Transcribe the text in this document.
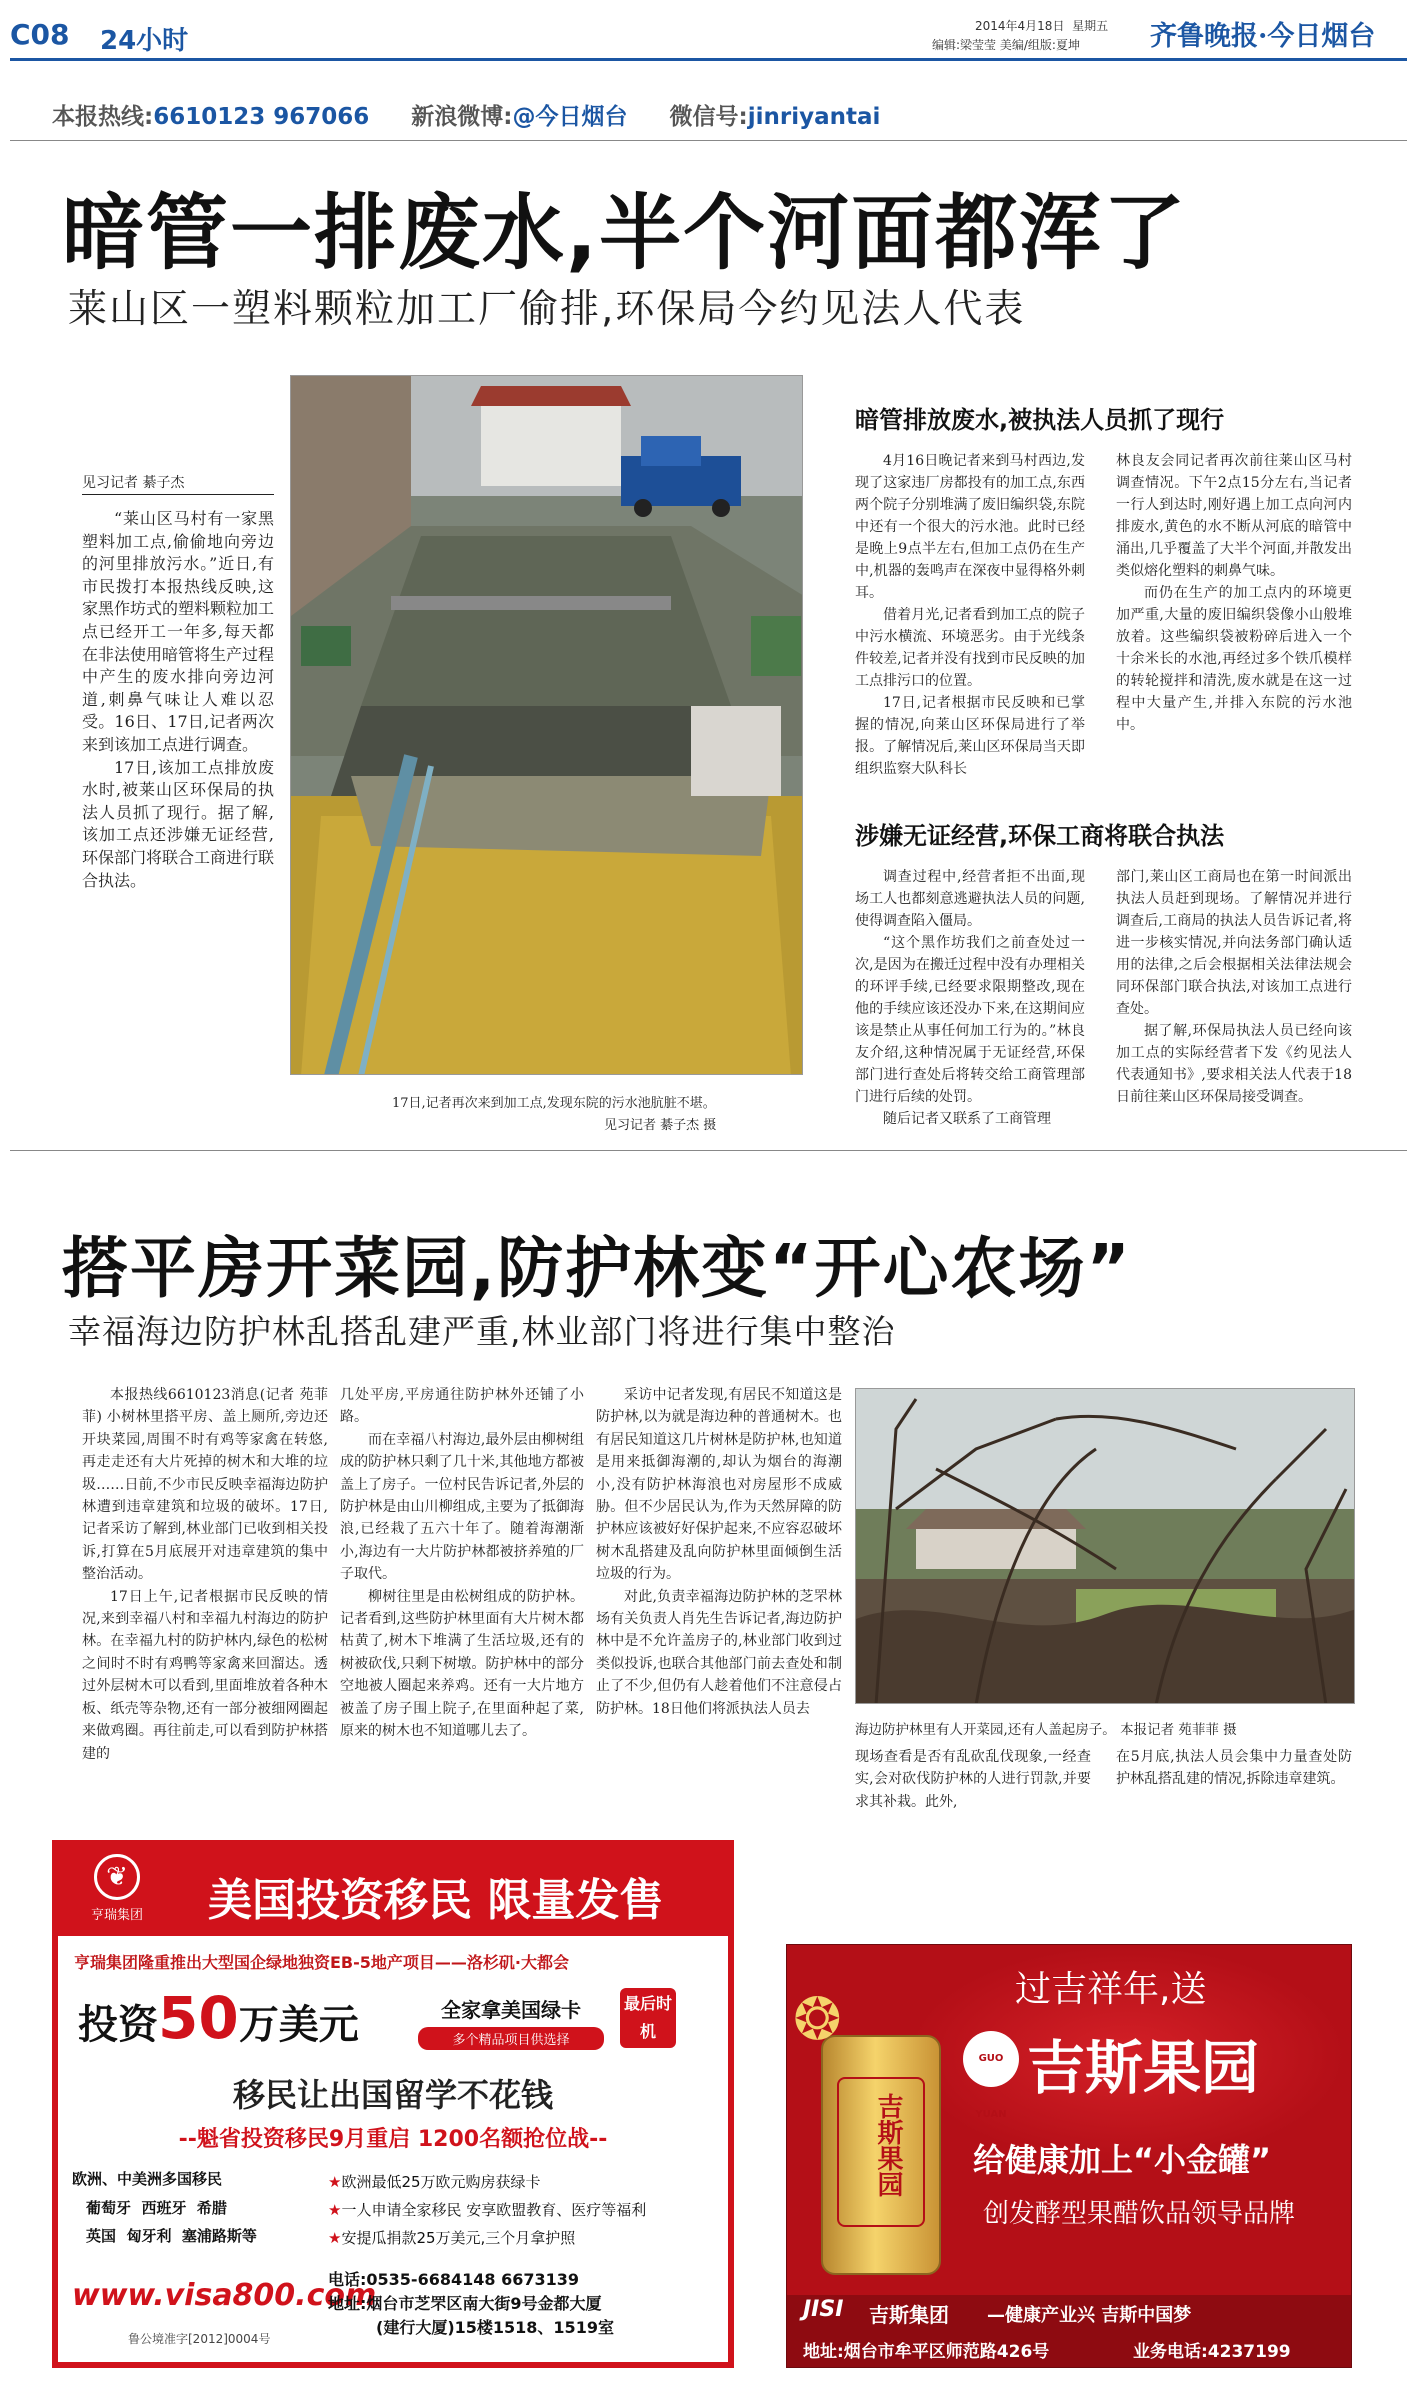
C08 24小时	2014年4月18日 星期五
编辑:梁莹莹 美编/组版:夏坤	齐鲁晚报·今日烟台
本报热线:6610123 967066 新浪微博:@今日烟台 微信号:jinriyantai
暗管一排废水,半个河面都浑了
莱山区一塑料颗粒加工厂偷排,环保局今约见法人代表
见习记者 綦子杰

“莱山区马村有一家黑塑料加工点,偷偷地向旁边的河里排放污水。”近日,有市民拨打本报热线反映,这家黑作坊式的塑料颗粒加工点已经开工一年多,每天都在非法使用暗管将生产过程中产生的废水排向旁边河道,刺鼻气味让人难以忍受。16日、17日,记者两次来到该加工点进行调查。

17日,该加工点排放废水时,被莱山区环保局的执法人员抓了现行。据了解,该加工点还涉嫌无证经营,环保部门将联合工商进行联合执法。

17日,记者再次来到加工点,发现东院的污水池肮脏不堪。
见习记者 綦子杰 摄
暗管排放废水,被执法人员抓了现行

4月16日晚记者来到马村西边,发现了这家违厂房都投有的加工点,东西两个院子分别堆满了废旧编织袋,东院中还有一个很大的污水池。此时已经是晚上9点半左右,但加工点仍在生产中,机器的轰鸣声在深夜中显得格外刺耳。

借着月光,记者看到加工点的院子中污水横流、环境恶劣。由于光线条件较差,记者并没有找到市民反映的加工点排污口的位置。

17日,记者根据市民反映和已掌握的情况,向莱山区环保局进行了举报。了解情况后,莱山区环保局当天即组织监察大队科长

林良友会同记者再次前往莱山区马村调查情况。下午2点15分左右,当记者一行人到达时,刚好遇上加工点向河内排废水,黄色的水不断从河底的暗管中涌出,几乎覆盖了大半个河面,并散发出类似熔化塑料的刺鼻气味。

而仍在生产的加工点内的环境更加严重,大量的废旧编织袋像小山般堆放着。这些编织袋被粉碎后进入一个十余米长的水池,再经过多个铁爪模样的转轮搅拌和清洗,废水就是在这一过程中大量产生,并排入东院的污水池中。

涉嫌无证经营,环保工商将联合执法

调查过程中,经营者拒不出面,现场工人也都刻意逃避执法人员的问题,使得调查陷入僵局。

“这个黑作坊我们之前查处过一次,是因为在搬迁过程中没有办理相关的环评手续,已经要求限期整改,现在他的手续应该还没办下来,在这期间应该是禁止从事任何加工行为的。”林良友介绍,这种情况属于无证经营,环保部门进行查处后将转交给工商管理部门进行后续的处罚。

随后记者又联系了工商管理

部门,莱山区工商局也在第一时间派出执法人员赶到现场。了解情况并进行调查后,工商局的执法人员告诉记者,将进一步核实情况,并向法务部门确认适用的法律,之后会根据相关法律法规会同环保部门联合执法,对该加工点进行查处。

据了解,环保局执法人员已经向该加工点的实际经营者下发《约见法人代表通知书》,要求相关法人代表于18日前往莱山区环保局接受调查。

搭平房开菜园,防护林变“开心农场”
幸福海边防护林乱搭乱建严重,林业部门将进行集中整治

本报热线6610123消息(记者 苑菲菲) 小树林里搭平房、盖上厕所,旁边还开块菜园,周围不时有鸡等家禽在转悠,再走走还有大片死掉的树木和大堆的垃圾……日前,不少市民反映幸福海边防护林遭到违章建筑和垃圾的破坏。17日,记者采访了解到,林业部门已收到相关投诉,打算在5月底展开对违章建筑的集中整治活动。

17日上午,记者根据市民反映的情况,来到幸福八村和幸福九村海边的防护林。在幸福九村的防护林内,绿色的松树之间时不时有鸡鸭等家禽来回溜达。透过外层树木可以看到,里面堆放着各种木板、纸壳等杂物,还有一部分被细网圈起来做鸡圈。再往前走,可以看到防护林搭建的

几处平房,平房通往防护林外还铺了小路。

而在幸福八村海边,最外层由柳树组成的防护林只剩了几十米,其他地方都被盖上了房子。一位村民告诉记者,外层的防护林是由山川柳组成,主要为了抵御海浪,已经栽了五六十年了。随着海潮渐小,海边有一大片防护林都被挤养殖的厂子取代。

柳树往里是由松树组成的防护林。记者看到,这些防护林里面有大片树木都枯黄了,树木下堆满了生活垃圾,还有的树被砍伐,只剩下树墩。防护林中的部分空地被人圈起来养鸡。还有一大片地方被盖了房子围上院子,在里面种起了菜,原来的树木也不知道哪儿去了。

采访中记者发现,有居民不知道这是防护林,以为就是海边种的普通树木。也有居民知道这几片树林是防护林,也知道是用来抵御海潮的,却认为烟台的海潮小,没有防护林海浪也对房屋形不成威胁。但不少居民认为,作为天然屏障的防护林应该被好好保护起来,不应容忍破坏树木乱搭建及乱向防护林里面倾倒生活垃圾的行为。

对此,负责幸福海边防护林的芝罘林场有关负责人肖先生告诉记者,海边防护林中是不允许盖房子的,林业部门收到过类似投诉,也联合其他部门前去查处和制止了不少,但仍有人趁着他们不注意侵占防护林。18日他们将派执法人员去

海边防护林里有人开菜园,还有人盖起房子。 本报记者 苑菲菲 摄

现场查看是否有乱砍乱伐现象,一经查实,会对砍伐防护林的人进行罚款,并要求其补栽。此外,

在5月底,执法人员会集中力量查处防护林乱搭乱建的情况,拆除违章建筑。

❦
亨瑞集团	美国投资移民 限量发售
亨瑞集团隆重推出大型国企绿地独资EB-5地产项目——洛杉矶·大都会
投资50万美元	全家拿美国绿卡
多个精品项目供选择
最后时机
移民让出国留学不花钱
--魁省投资移民9月重启 1200名额抢位战--
欧洲、中美洲多国移民
葡萄牙  西班牙  希腊
英国  匈牙利  塞浦路斯等
★欧洲最低25万欧元购房获绿卡
★一人申请全家移民 安享欧盟教育、医疗等福利
★安提瓜捐款25万美元,三个月拿护照
www.visa800.com
鲁公境准字[2012]0004号
电话:0535-6684148 6673139
地址:烟台市芝罘区南大街9号金都大厦
(建行大厦)15楼1518、1519室
过吉祥年,送
GUO YUAN
吉斯果园
吉斯果园
❂
给健康加上“小金罐”
创发酵型果醋饮品领导品牌
JISI 吉斯集团 —健康产业兴 吉斯中国梦
地址:烟台市牟平区师范路426号	业务电话:4237199
